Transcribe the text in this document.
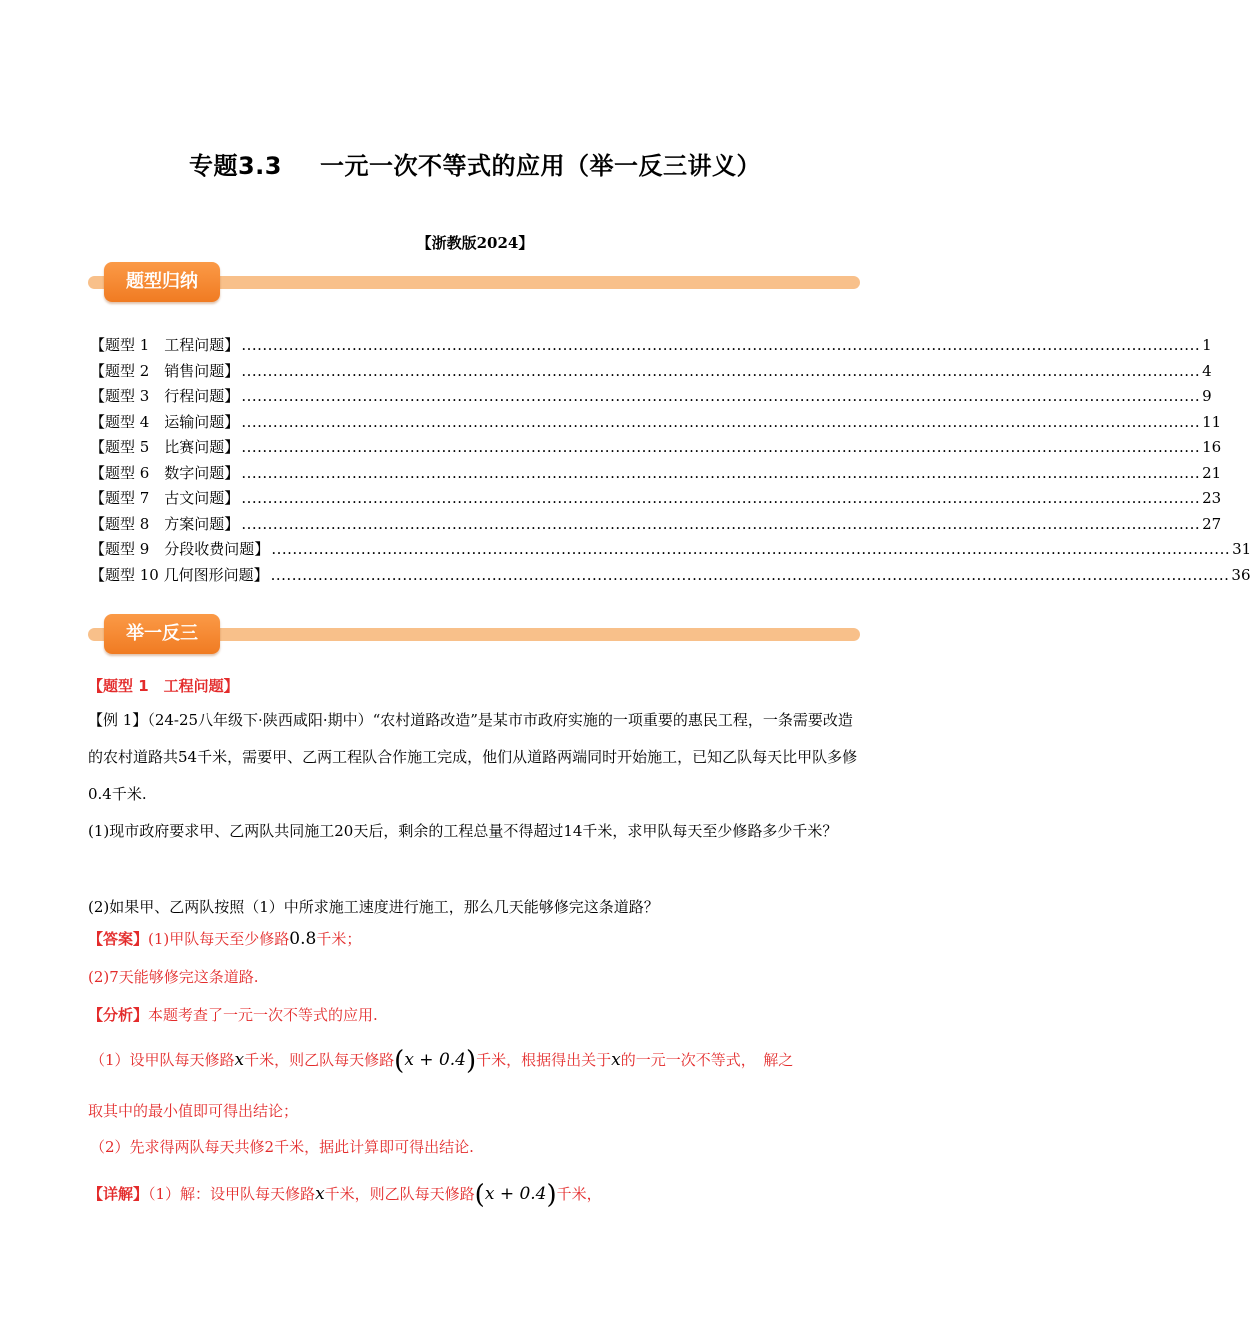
专题3.3 一元一次不等式的应用（举一反三讲义）
【浙教版2024】
题型归纳
【题型 1　工程问题】 ...................................................................................................................................................................................... 1
【题型 2　销售问题】 ...................................................................................................................................................................................... 4
【题型 3　行程问题】 ...................................................................................................................................................................................... 9
【题型 4　运输问题】 ...................................................................................................................................................................................... 11
【题型 5　比赛问题】 ...................................................................................................................................................................................... 16
【题型 6　数字问题】 ...................................................................................................................................................................................... 21
【题型 7　古文问题】 ...................................................................................................................................................................................... 23
【题型 8　方案问题】 ...................................................................................................................................................................................... 27
【题型 9　分段收费问题】 ...................................................................................................................................................................................... 31
【题型 10 几何图形问题】 ...................................................................................................................................................................................... 36
举一反三
【题型 1　工程问题】
【例 1】（24-25八年级下·陕西咸阳·期中）“农村道路改造”是某市市政府实施的一项重要的惠民工程，一条需要改造的农村道路共54千米，需要甲、乙两工程队合作施工完成，他们从道路两端同时开始施工，已知乙队每天比甲队多修0.4千米.
(1)现市政府要求甲、乙两队共同施工20天后，剩余的工程总量不得超过14千米，求甲队每天至少修路多少千米？
(2)如果甲、乙两队按照（1）中所求施工速度进行施工，那么几天能够修完这条道路？
【答案】(1)甲队每天至少修路0.8千米；
(2)7天能够修完这条道路.
【分析】本题考查了一元一次不等式的应用.
（1）设甲队每天修路x千米，则乙队每天修路(x + 0.4)千米，根据得出关于x的一元一次不等式，　解之
取其中的最小值即可得出结论；
（2）先求得两队每天共修2千米，据此计算即可得出结论.
【详解】（1）解：设甲队每天修路x千米，则乙队每天修路(x + 0.4)千米，
